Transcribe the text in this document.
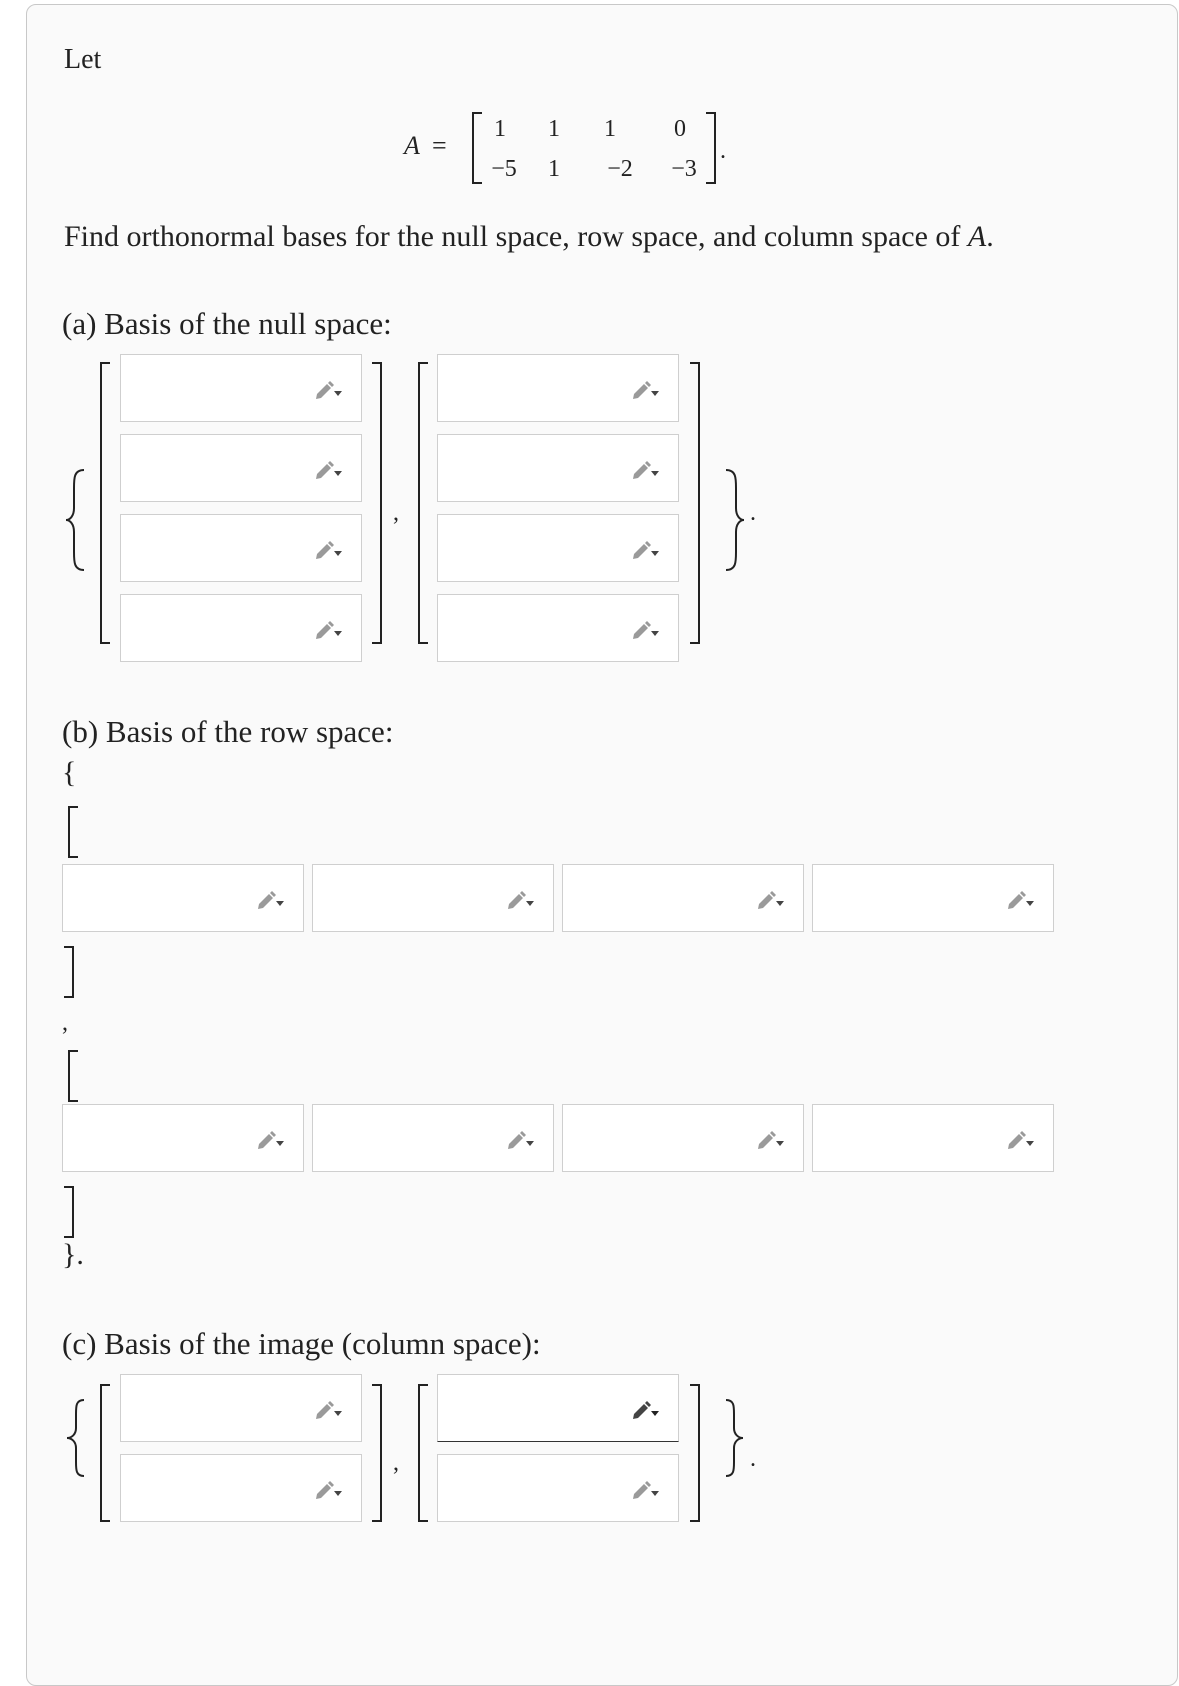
Let
A =
1	1	1	0
−5	1	−2	−3
.
Find orthonormal bases for the null space, row space, and column space of A.
(a) Basis of the null space:
,	.
(b) Basis of the row space:
{
,
}.
(c) Basis of the image (column space):
,	.
